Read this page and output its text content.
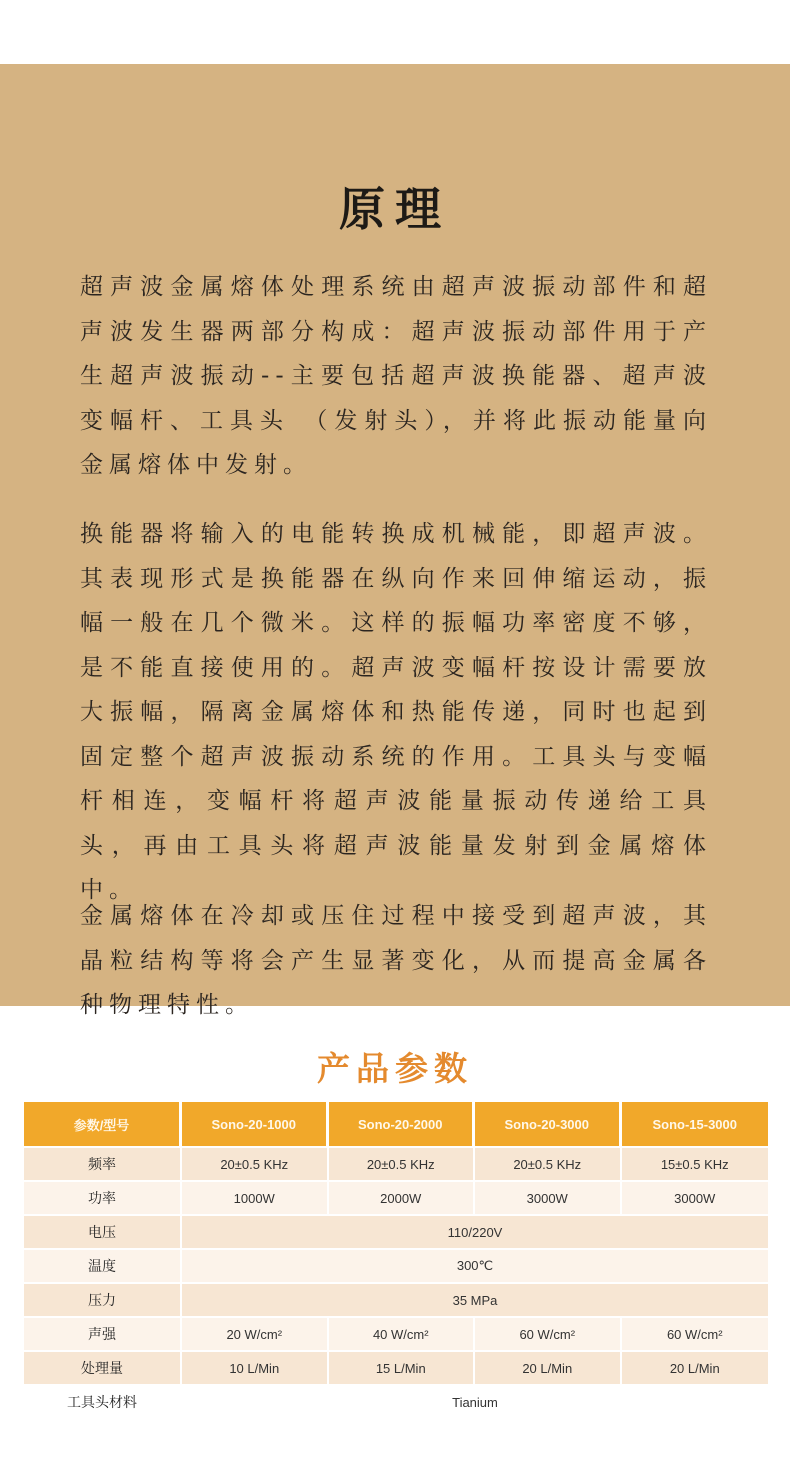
原理

超声波金属熔体处理系统由超声波振动部件和超声波发生器两部分构成：超声波振动部件用于产生超声波振动--主要包括超声波换能器、超声波变幅杆、工具头 （发射头），并将此振动能量向金属熔体中发射。

换能器将输入的电能转换成机械能，即超声波。其表现形式是换能器在纵向作来回伸缩运动，振幅一般在几个微米。这样的振幅功率密度不够，是不能直接使用的。超声波变幅杆按设计需要放大振幅，隔离金属熔体和热能传递，同时也起到固定整个超声波振动系统的作用。工具头与变幅杆相连，变幅杆将超声波能量振动传递给工具头，再由工具头将超声波能量发射到金属熔体中。

金属熔体在冷却或压住过程中接受到超声波，其晶粒结构等将会产生显著变化，从而提高金属各种物理特性。

产品参数
参数/型号	Sono-20-1000	Sono-20-2000	Sono-20-3000	Sono-15-3000
频率	20±0.5 KHz	20±0.5 KHz	20±0.5 KHz	15±0.5 KHz
功率	1000W	2000W	3000W	3000W
电压	110/220V			
温度	300℃			
压力	35 MPa			
声强	20 W/cm²	40 W/cm²	60 W/cm²	60 W/cm²
处理量	10 L/Min	15 L/Min	20 L/Min	20 L/Min
工具头材料	Tianium			
